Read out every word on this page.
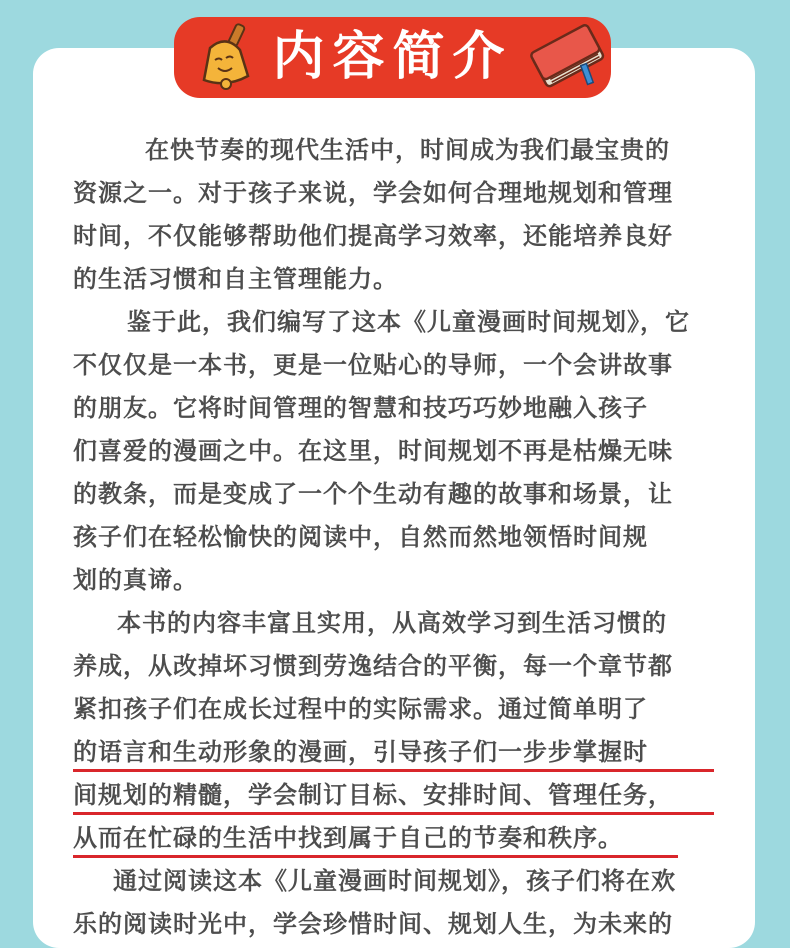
内容简介
在快节奏的现代生活中，时间成为我们最宝贵的
资源之一。对于孩子来说，学会如何合理地规划和管理
时间，不仅能够帮助他们提高学习效率，还能培养良好
的生活习惯和自主管理能力。
鉴于此，我们编写了这本《儿童漫画时间规划》，它
不仅仅是一本书，更是一位贴心的导师，一个会讲故事
的朋友。它将时间管理的智慧和技巧巧妙地融入孩子
们喜爱的漫画之中。在这里，时间规划不再是枯燥无味
的教条，而是变成了一个个生动有趣的故事和场景，让
孩子们在轻松愉快的阅读中，自然而然地领悟时间规
划的真谛。
本书的内容丰富且实用，从高效学习到生活习惯的
养成，从改掉坏习惯到劳逸结合的平衡，每一个章节都
紧扣孩子们在成长过程中的实际需求。通过简单明了
的语言和生动形象的漫画，引导孩子们一步步掌握时
间规划的精髓，学会制订目标、安排时间、管理任务，
从而在忙碌的生活中找到属于自己的节奏和秩序。
通过阅读这本《儿童漫画时间规划》，孩子们将在欢
乐的阅读时光中，学会珍惜时间、规划人生，为未来的
